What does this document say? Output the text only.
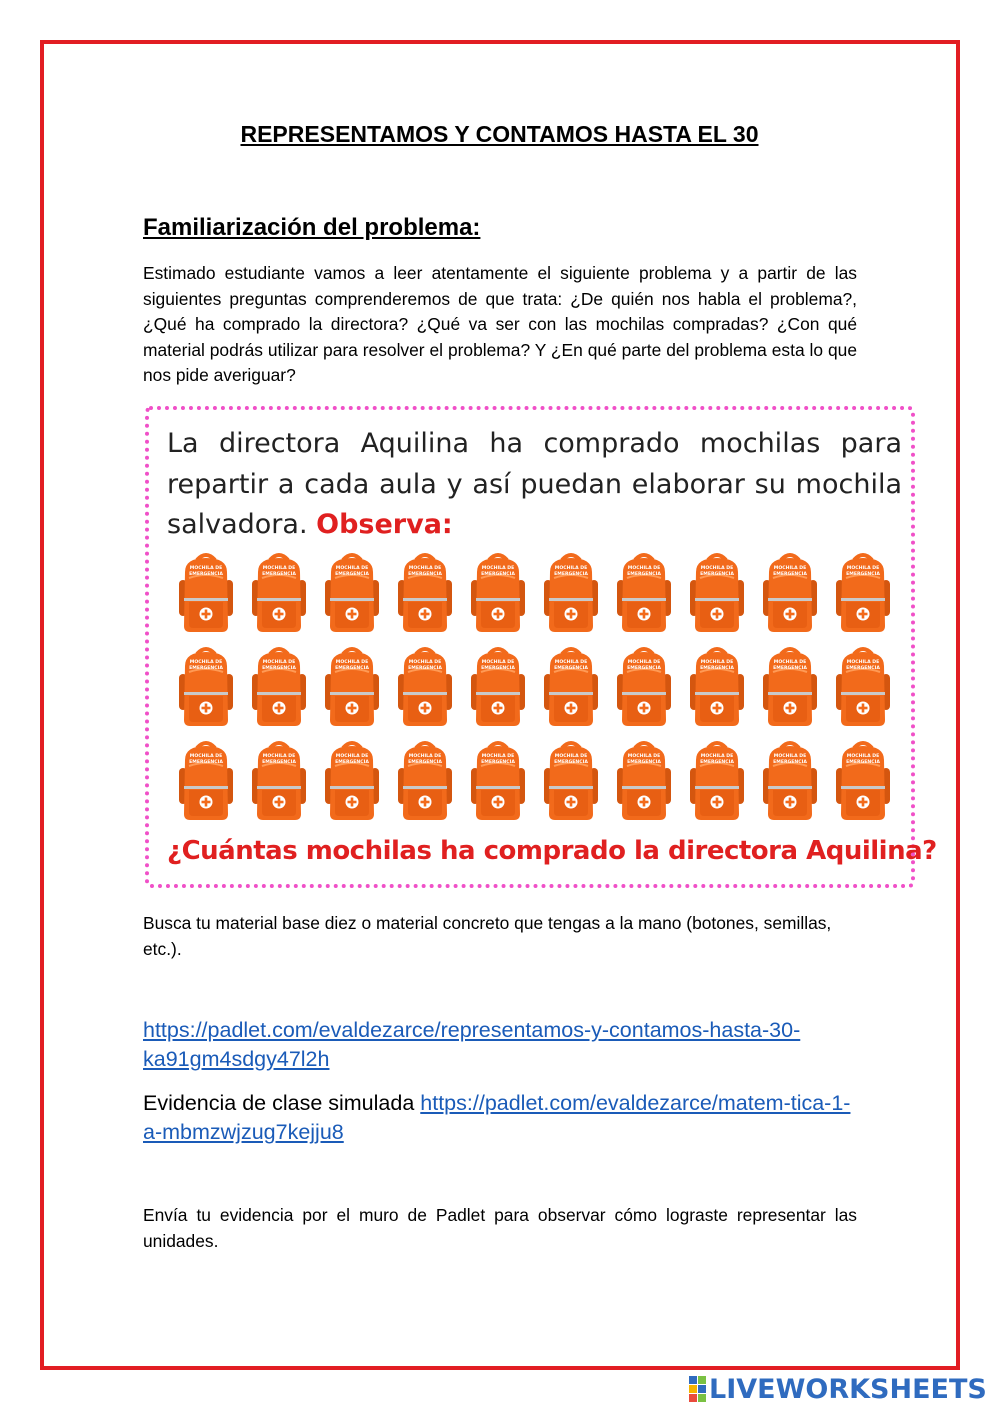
REPRESENTAMOS Y CONTAMOS HASTA EL 30
Familiarización del problema:
Estimado estudiante vamos a leer atentamente el siguiente problema y a partir de las siguientes preguntas comprenderemos de que trata: ¿De quién nos habla el problema?, ¿Qué ha comprado la directora? ¿Qué va ser con las mochilas compradas? ¿Con qué material podrás utilizar para resolver el problema? Y ¿En qué parte del problema esta lo que nos pide averiguar?
La directora Aquilina ha comprado mochilas para repartir a cada aula y así puedan elaborar su mochila salvadora. Observa:
MOCHILA DE
EMERGENCIA
MOCHILA DE
EMERGENCIA
MOCHILA DE
EMERGENCIA
MOCHILA DE
EMERGENCIA
MOCHILA DE
EMERGENCIA
MOCHILA DE
EMERGENCIA
MOCHILA DE
EMERGENCIA
MOCHILA DE
EMERGENCIA
MOCHILA DE
EMERGENCIA
MOCHILA DE
EMERGENCIA
MOCHILA DE
EMERGENCIA
MOCHILA DE
EMERGENCIA
MOCHILA DE
EMERGENCIA
MOCHILA DE
EMERGENCIA
MOCHILA DE
EMERGENCIA
MOCHILA DE
EMERGENCIA
MOCHILA DE
EMERGENCIA
MOCHILA DE
EMERGENCIA
MOCHILA DE
EMERGENCIA
MOCHILA DE
EMERGENCIA
MOCHILA DE
EMERGENCIA
MOCHILA DE
EMERGENCIA
MOCHILA DE
EMERGENCIA
MOCHILA DE
EMERGENCIA
MOCHILA DE
EMERGENCIA
MOCHILA DE
EMERGENCIA
MOCHILA DE
EMERGENCIA
MOCHILA DE
EMERGENCIA
MOCHILA DE
EMERGENCIA
MOCHILA DE
EMERGENCIA
¿Cuántas mochilas ha comprado la directora Aquilina?
Busca tu material base diez o material concreto que tengas a la mano (botones, semillas, etc.).
https://padlet.com/evaldezarce/representamos-y-contamos-hasta-30-ka91gm4sdgy47l2h
Evidencia de clase simulada https://padlet.com/evaldezarce/matem-tica-1-a-mbmzwjzug7kejju8
Envía tu evidencia por el muro de Padlet para observar cómo lograste representar las unidades.
LIVEWORKSHEETS
